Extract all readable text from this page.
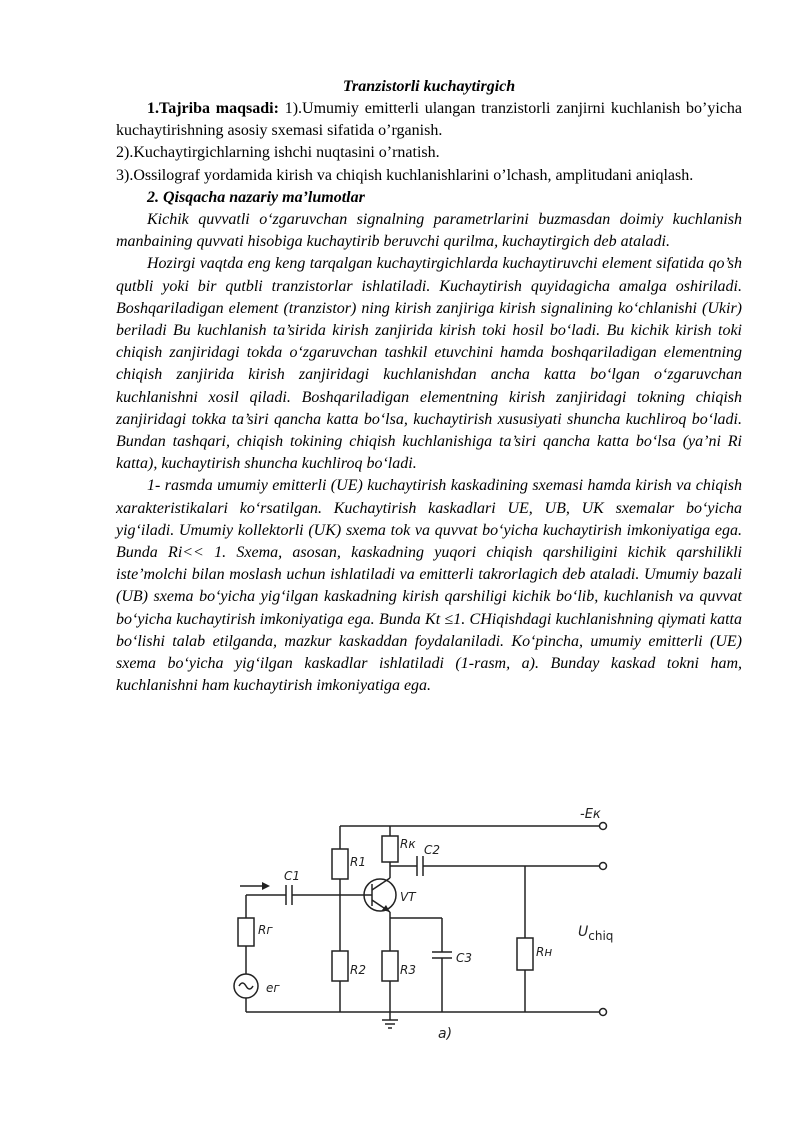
Tranzistorli kuchaytirgich

1.Tajriba maqsadi: 1).Umumiy emitterli ulangan tranzistorli zanjirni kuchlanish bo’yicha kuchaytirishning asosiy sxemasi sifatida o’rganish.

2).Kuchaytirgichlarning ishchi nuqtasini o’rnatish.

3).Ossilograf yordamida kirish va chiqish kuchlanishlarini o’lchash, amplitudani aniqlash.

2. Qisqacha nazariy ma’lumotlar

Kichik quvvatli o‘zgaruvchan signalning parametrlarini buzmasdan doimiy kuchlanish manbaining quvvati hisobiga kuchaytirib beruvchi qurilma, kuchaytirgich deb ataladi.

Hozirgi vaqtda eng keng tarqalgan kuchaytirgichlarda kuchaytiruvchi element sifatida qo’sh qutbli yoki bir qutbli tranzistorlar ishlatiladi. Kuchaytirish quyidagicha amalga oshiriladi. Boshqariladigan element (tranzistor) ning kirish zanjiriga kirish signalining ko‘chlanishi (Ukir) beriladi Bu kuchlanish ta’sirida kirish zanjirida kirish toki hosil bo‘ladi. Bu kichik kirish toki chiqish zanjiridagi tokda o‘zgaruvchan tashkil etuvchini hamda boshqariladigan elementning chiqish zanjirida kirish zanjiridagi kuchlanishdan ancha katta bo‘lgan o‘zgaruvchan kuchlanishni xosil qiladi. Boshqariladigan elementning kirish zanjiridagi tokning chiqish zanjiridagi tokka ta’siri qancha katta bo‘lsa, kuchaytirish xususiyati shuncha kuchliroq bo‘ladi. Bundan tashqari, chiqish tokining chiqish kuchlanishiga ta’siri qancha katta bo‘lsa (ya’ni Ri katta), kuchaytirish shuncha kuchliroq bo‘ladi.

1- rasmda umumiy emitterli (UE) kuchaytirish kaskadining sxemasi hamda kirish va chiqish xarakteristikalari ko‘rsatilgan. Kuchaytirish kaskadlari UE, UB, UK sxemalar bo‘yicha yig‘iladi. Umumiy kollektorli (UK) sxema tok va quvvat bo‘yicha kuchaytirish imkoniyatiga ega. Bunda Ri<< 1. Sxema, asosan, kaskadning yuqori chiqish qarshiligini kichik qarshilikli iste’molchi bilan moslash uchun ishlatiladi va emitterli takrorlagich deb ataladi. Umumiy bazali (UB) sxema bo‘yicha yig‘ilgan kaskadning kirish qarshiligi kichik bo‘lib, kuchlanish va quvvat bo‘yicha kuchaytirish imkoniyatiga ega. Bunda Kt ≤1. CHiqishdagi kuchlanishning qiymati katta bo‘lishi talab etilganda, mazkur kaskaddan foydalaniladi. Ko‘pincha, umumiy emitterli (UE) sxema bo‘yicha yig‘ilgan kaskadlar ishlatiladi (1-rasm, a). Bunday kaskad tokni ham, kuchlanishni ham kuchaytirish imkoniyatiga ega.

-Eк
R1
R2
Rк C2
VT
C1
Rг
eг
R3
C3	Rн
Uchiq
a)
